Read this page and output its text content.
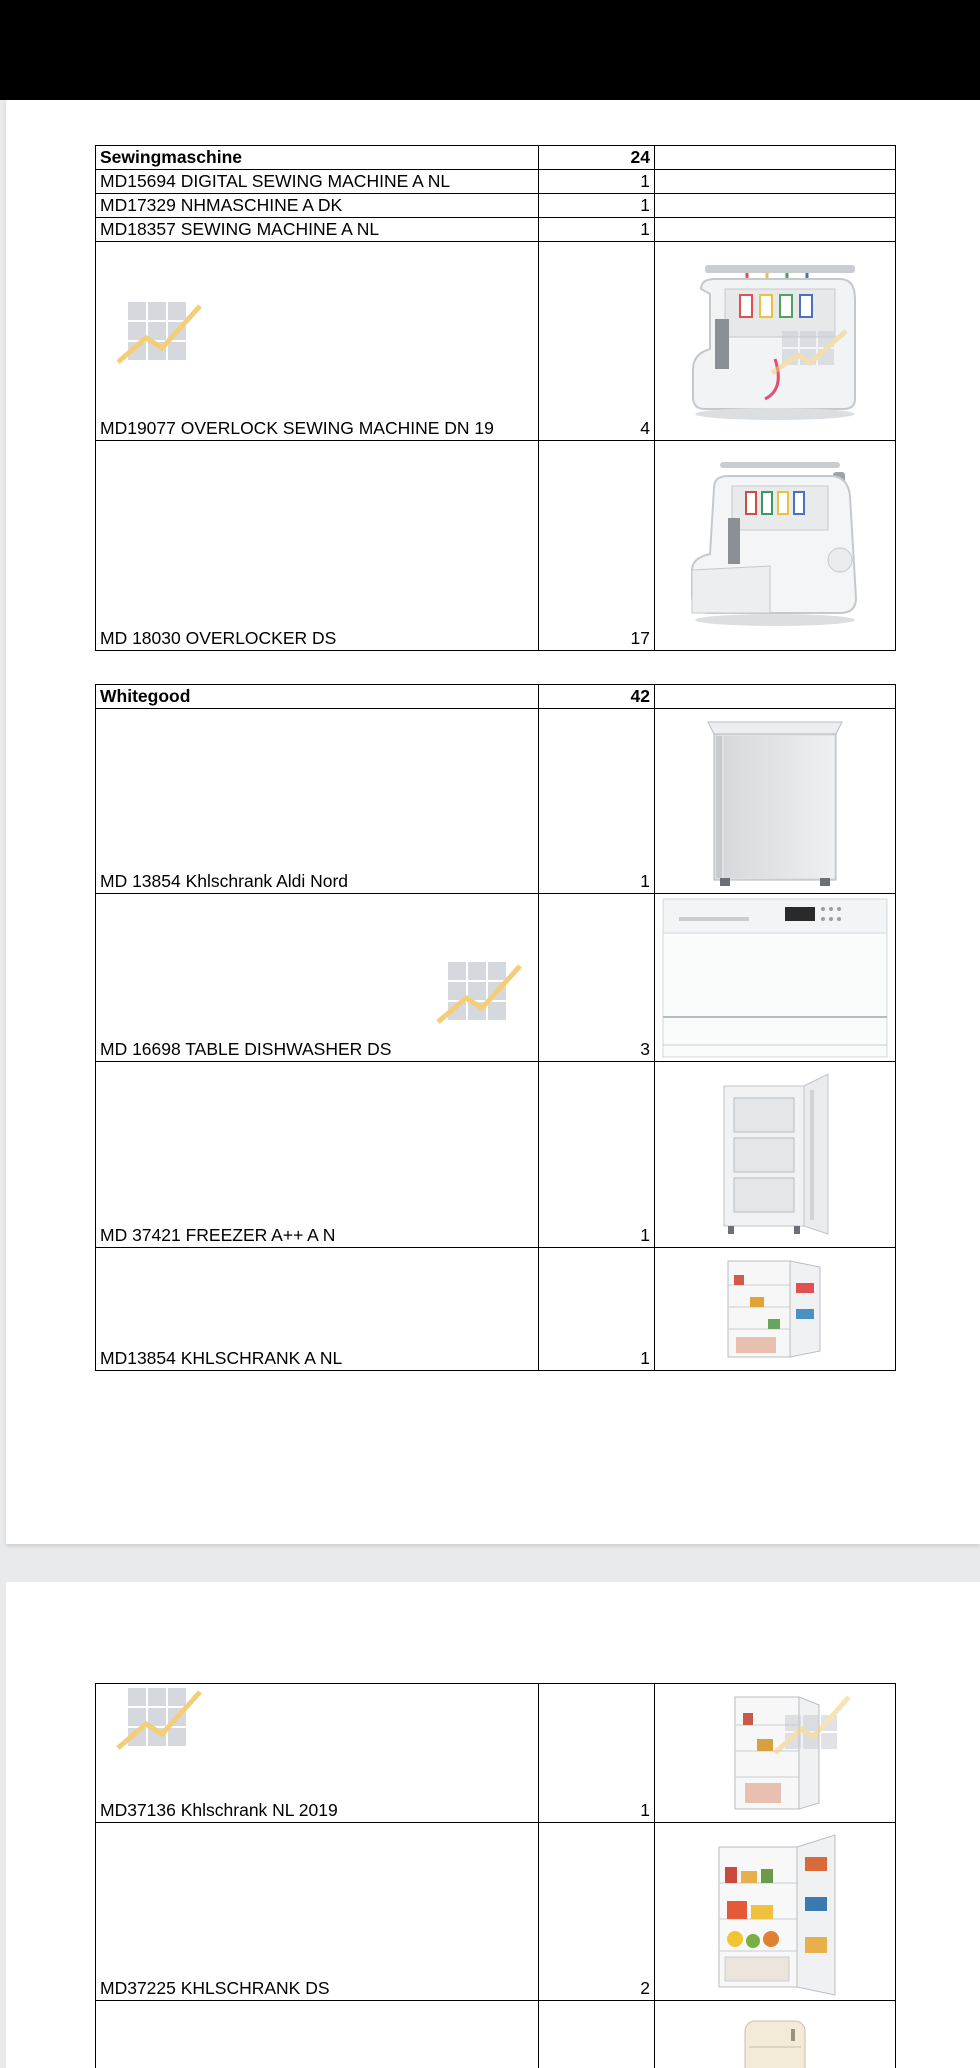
Sewingmaschine	24	
MD15694 DIGITAL SEWING MACHINE A NL	1	
MD17329 NHMASCHINE A DK	1	
MD18357 SEWING MACHINE A NL	1	

MD19077 OVERLOCK SEWING MACHINE DN 19	4	

MD 18030 OVERLOCKER DS	17	
Whitegood	42	
MD 13854 Khlschrank Aldi Nord	1	

MD 16698 TABLE DISHWASHER DS	3	

MD 37421 FREEZER A++ A N	1	

MD13854 KHLSCHRANK A NL	1	
MD37136 Khlschrank NL 2019	1	

MD37225 KHLSCHRANK DS	2	
